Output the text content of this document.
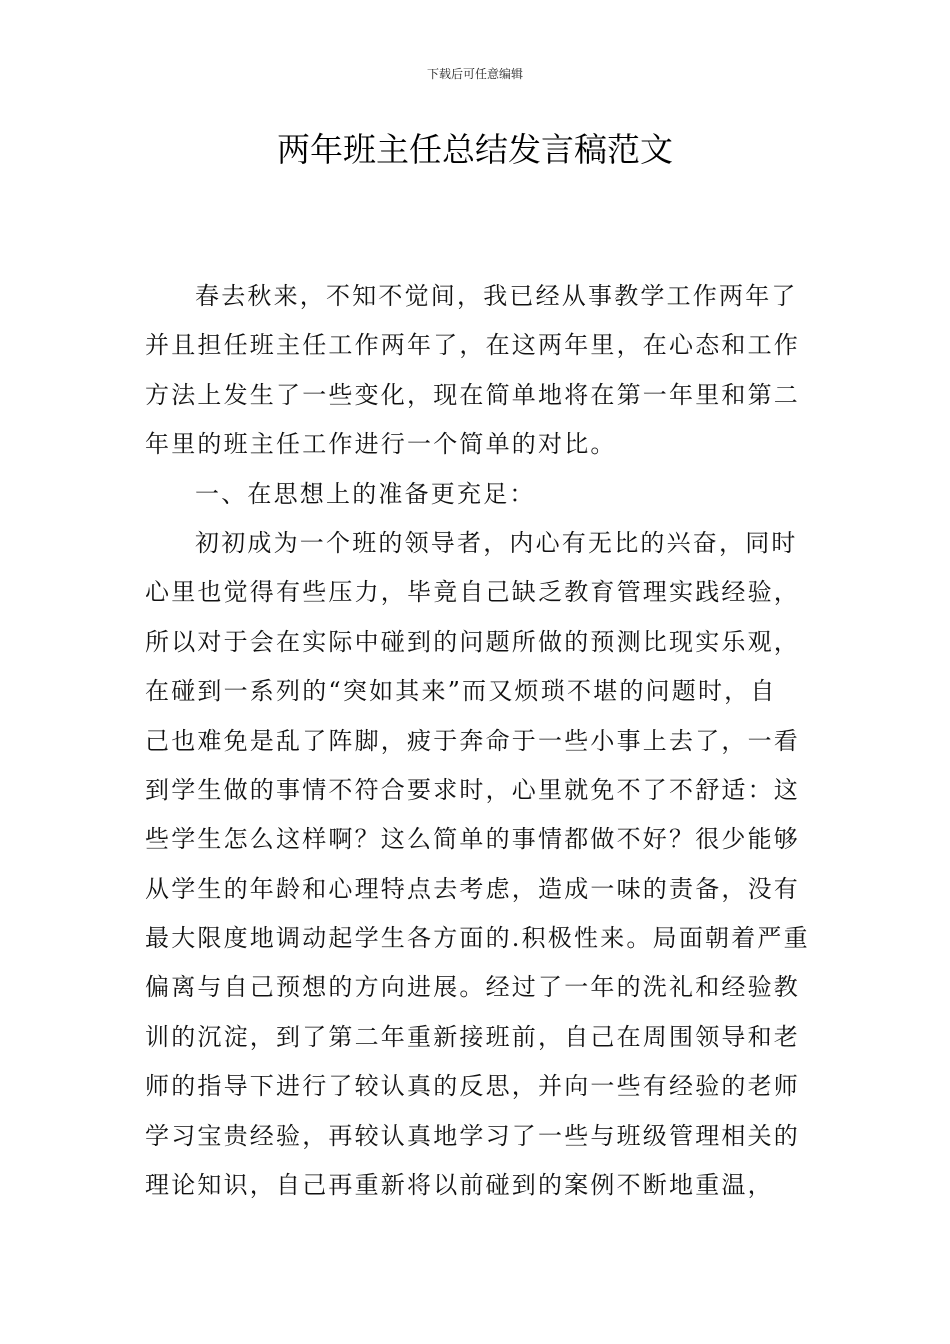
下载后可任意编辑
两年班主任总结发言稿范文
春去秋来，不知不觉间，我已经从事教学工作两年了
并且担任班主任工作两年了，在这两年里，在心态和工作
方法上发生了一些变化，现在简单地将在第一年里和第二
年里的班主任工作进行一个简单的对比。
一、在思想上的准备更充足：
初初成为一个班的领导者，内心有无比的兴奋，同时
心里也觉得有些压力，毕竟自己缺乏教育管理实践经验，
所以对于会在实际中碰到的问题所做的预测比现实乐观，
在碰到一系列的“突如其来”而又烦琐不堪的问题时，自
己也难免是乱了阵脚，疲于奔命于一些小事上去了，一看
到学生做的事情不符合要求时，心里就免不了不舒适：这
些学生怎么这样啊？这么简单的事情都做不好？很少能够
从学生的年龄和心理特点去考虑，造成一味的责备，没有
最大限度地调动起学生各方面的.积极性来。局面朝着严重
偏离与自己预想的方向进展。经过了一年的洗礼和经验教
训的沉淀，到了第二年重新接班前，自己在周围领导和老
师的指导下进行了较认真的反思，并向一些有经验的老师
学习宝贵经验，再较认真地学习了一些与班级管理相关的
理论知识，自己再重新将以前碰到的案例不断地重温，
